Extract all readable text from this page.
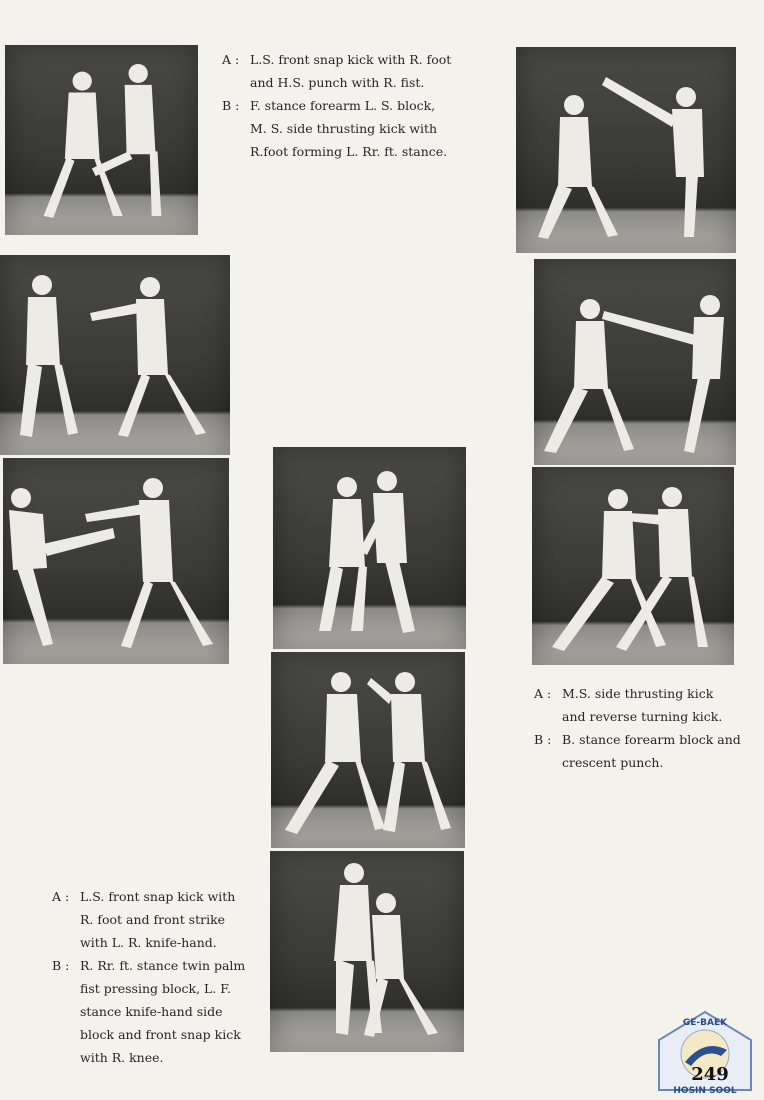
A : L.S. front snap kick with R. foot
and H.S. punch with R. fist.
B : F. stance forearm L. S. block,
M. S. side thrusting kick with
R.foot forming L. Rr. ft. stance.
A : M.S. side thrusting kick
and reverse turning kick.
B : B. stance forearm block and
crescent punch.
A : L.S. front snap kick with
R. foot and front strike
with L. R. knife-hand.
B : R. Rr. ft. stance twin palm
fist pressing block, L. F.
stance knife-hand side
block and front snap kick
with R. knee.
GE-BAEK
HOSIN SOOL
249
